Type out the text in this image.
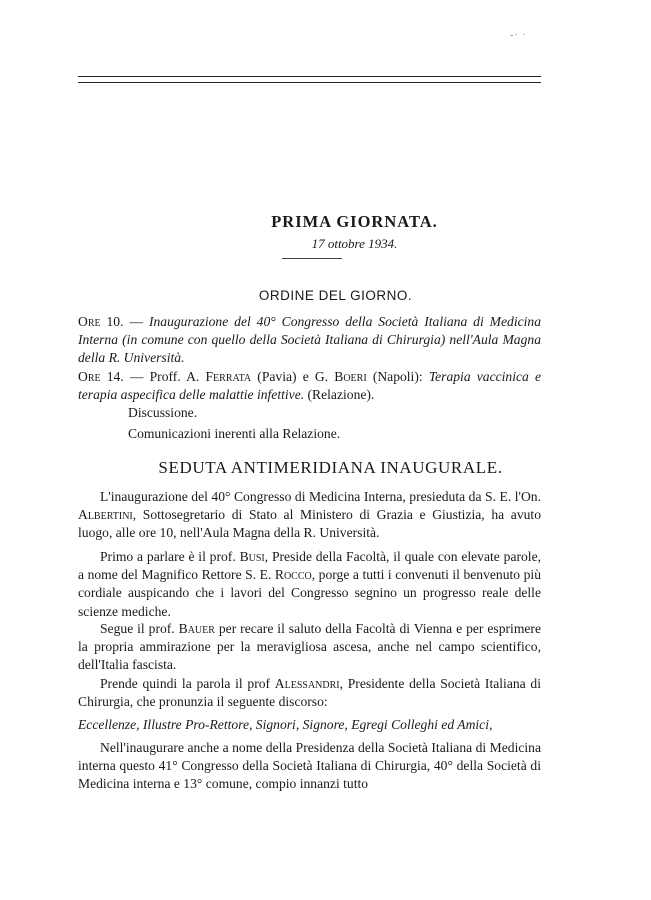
-· ·
PRIMA GIORNATA.
17 ottobre 1934.
ORDINE DEL GIORNO.
Ore 10. — Inaugurazione del 40° Congresso della Società Italiana di Medicina Interna (in comune con quello della Società Italiana di Chirurgia) nell'Aula Magna della R. Università.
Ore 14. — Proff. A. Ferrata (Pavia) e G. Boeri (Napoli): Terapia vaccinica e terapia aspecifica delle malattie infettive. (Relazione).
Discussione.
Comunicazioni inerenti alla Relazione.
SEDUTA ANTIMERIDIANA INAUGURALE.
L'inaugurazione del 40° Congresso di Medicina Interna, presieduta da S. E. l'On. Albertini, Sottosegretario di Stato al Ministero di Grazia e Giustizia, ha avuto luogo, alle ore 10, nell'Aula Magna della R. Università.
Primo a parlare è il prof. Busi, Preside della Facoltà, il quale con elevate parole, a nome del Magnifico Rettore S. E. Rocco, porge a tutti i convenuti il benvenuto più cordiale auspicando che i lavori del Congresso segnino un progresso reale delle scienze mediche.
Segue il prof. Bauer per recare il saluto della Facoltà di Vienna e per esprimere la propria ammirazione per la meravigliosa ascesa, anche nel campo scientifico, dell'Italia fascista.
Prende quindi la parola il prof Alessandri, Presidente della Società Italiana di Chirurgia, che pronunzia il seguente discorso:
Eccellenze, Illustre Pro-Rettore, Signori, Signore, Egregi Colleghi ed Amici,
Nell'inaugurare anche a nome della Presidenza della Società Italiana di Medicina interna questo 41° Congresso della Società Italiana di Chirurgia, 40° della Società di Medicina interna e 13° comune, compio innanzi tutto
